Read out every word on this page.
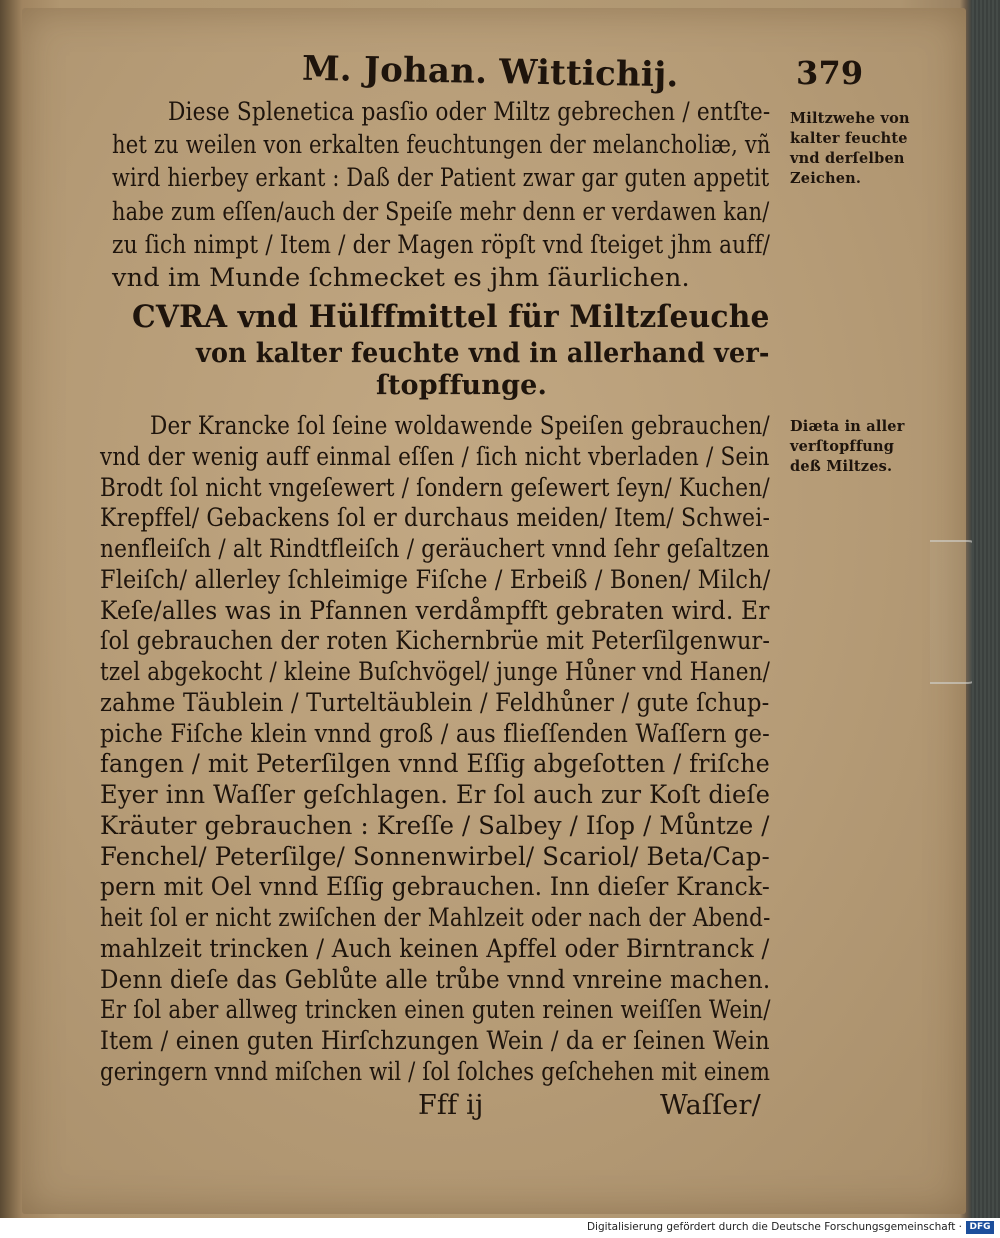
M. Johan. Wittichij.	379
Diese Splenetica pasſio oder Miltz gebrechen / entſte-
het zu weilen von erkalten feuchtungen der melancholiæ, vñ
wird hierbey erkant : Daß der Patient zwar gar guten appetit
habe zum eſſen/auch der Speiſe mehr denn er verdawen kan/
zu ſich nimpt / Item / der Magen röpſt vnd ſteiget jhm auff/
vnd im Munde ſchmecket es jhm ſäurlichen.
CVRA vnd Hülffmittel für Miltzſeuche
von kalter feuchte vnd in allerhand ver-
ſtopffunge.
Der Krancke ſol ſeine woldawende Speiſen gebrauchen/
vnd der wenig auff einmal eſſen / ſich nicht vberladen / Sein
Brodt ſol nicht vngeſewert / ſondern geſewert ſeyn/ Kuchen/
Krepffel/ Gebackens ſol er durchaus meiden/ Item/ Schwei-
nenfleiſch / alt Rindtfleiſch / geräuchert vnnd ſehr geſaltzen
Fleiſch/ allerley ſchleimige Fiſche / Erbeiß / Bonen/ Milch/
Keſe/alles was in Pfannen verdåmpfft gebraten wird. Er
ſol gebrauchen der roten Kichernbrüe mit Peterſilgenwur-
tzel abgekocht / kleine Buſchvögel/ junge Hůner vnd Hanen/
zahme Täublein / Turteltäublein / Feldhůner / gute ſchup-
piche Fiſche klein vnnd groß / aus flieſſenden Waſſern ge-
fangen / mit Peterſilgen vnnd Eſſig abgeſotten / friſche
Eyer inn Waſſer geſchlagen. Er ſol auch zur Koſt dieſe
Kräuter gebrauchen : Kreſſe / Salbey / Iſop / Můntze /
Fenchel/ Peterſilge/ Sonnenwirbel/ Scariol/ Beta/Cap-
pern mit Oel vnnd Eſſig gebrauchen. Inn dieſer Kranck-
heit ſol er nicht zwiſchen der Mahlzeit oder nach der Abend-
mahlzeit trincken / Auch keinen Apffel oder Birntranck /
Denn dieſe das Geblůte alle trůbe vnnd vnreine machen.
Er ſol aber allweg trincken einen guten reinen weiſſen Wein/
Item / einen guten Hirſchzungen Wein / da er ſeinen Wein
Fff ij	Waſſer/
Miltzwehe von
kalter feuchte
vnd derſelben
Zeichen.
Diæta in aller
verſtopffung
deß Miltzes.
geringern vnnd miſchen wil / ſol ſolches geſchehen mit einem
Digitalisierung gefördert durch die Deutsche Forschungsgemeinschaft · DFG
